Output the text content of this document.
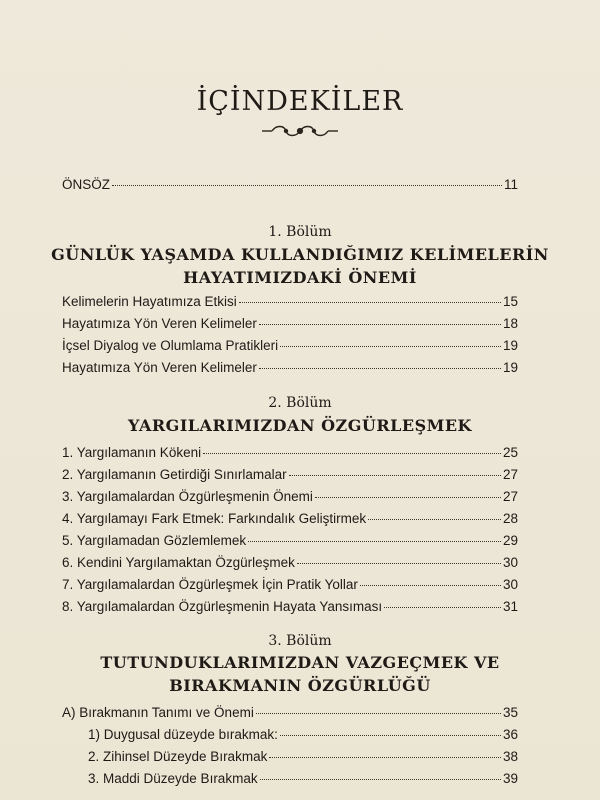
İÇİNDEKİLER
ÖNSÖZ	11
1. Bölüm
GÜNLÜK YAŞAMDA KULLANDIĞIMIZ KELİMELERİN
HAYATIMIZDAKİ ÖNEMİ
Kelimelerin Hayatımıza Etkisi	15
Hayatımıza Yön Veren Kelimeler	18
İçsel Diyalog ve Olumlama Pratikleri	19
Hayatımıza Yön Veren Kelimeler	19
2. Bölüm
YARGILARIMIZDAN ÖZGÜRLEŞMEK
1. Yargılamanın Kökeni	25
2. Yargılamanın Getirdiği Sınırlamalar	27
3. Yargılamalardan Özgürleşmenin Önemi	27
4. Yargılamayı Fark Etmek: Farkındalık Geliştirmek	28
5. Yargılamadan Gözlemlemek	29
6. Kendini Yargılamaktan Özgürleşmek	30
7. Yargılamalardan Özgürleşmek İçin Pratik Yollar	30
8. Yargılamalardan Özgürleşmenin Hayata Yansıması	31
3. Bölüm
TUTUNDUKLARIMIZDAN VAZGEÇMEK VE
BIRAKMANIN ÖZGÜRLÜĞÜ
A) Bırakmanın Tanımı ve Önemi	35
1) Duygusal düzeyde bırakmak:	36
2. Zihinsel Düzeyde Bırakmak	38
3. Maddi Düzeyde Bırakmak	39
